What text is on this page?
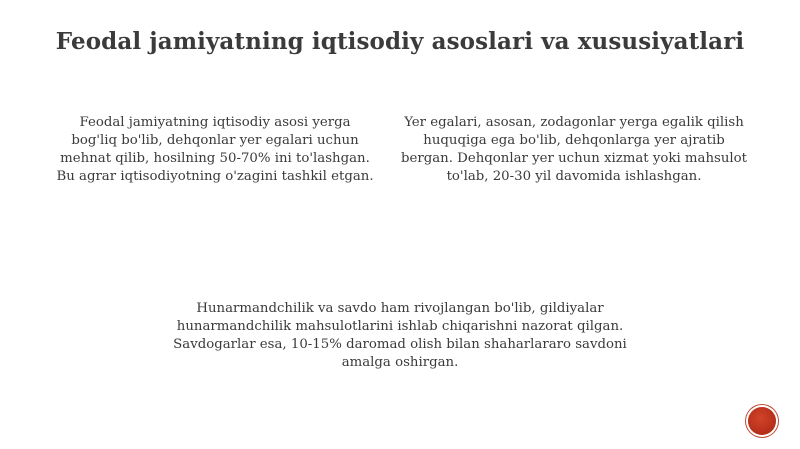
Feodal jamiyatning iqtisodiy asoslari va xususiyatlari
Feodal jamiyatning iqtisodiy asosi yerga bog'liq bo'lib, dehqonlar yer egalari uchun mehnat qilib, hosilning 50-70% ini to'lashgan. Bu agrar iqtisodiyotning o'zagini tashkil etgan.
Yer egalari, asosan, zodagonlar yerga egalik qilish huquqiga ega bo'lib, dehqonlarga yer ajratib bergan. Dehqonlar yer uchun xizmat yoki mahsulot to'lab, 20-30 yil davomida ishlashgan.
Hunarmandchilik va savdo ham rivojlangan bo'lib, gildiyalar hunarmandchilik mahsulotlarini ishlab chiqarishni nazorat qilgan. Savdogarlar esa, 10-15% daromad olish bilan shaharlararo savdoni amalga oshirgan.
